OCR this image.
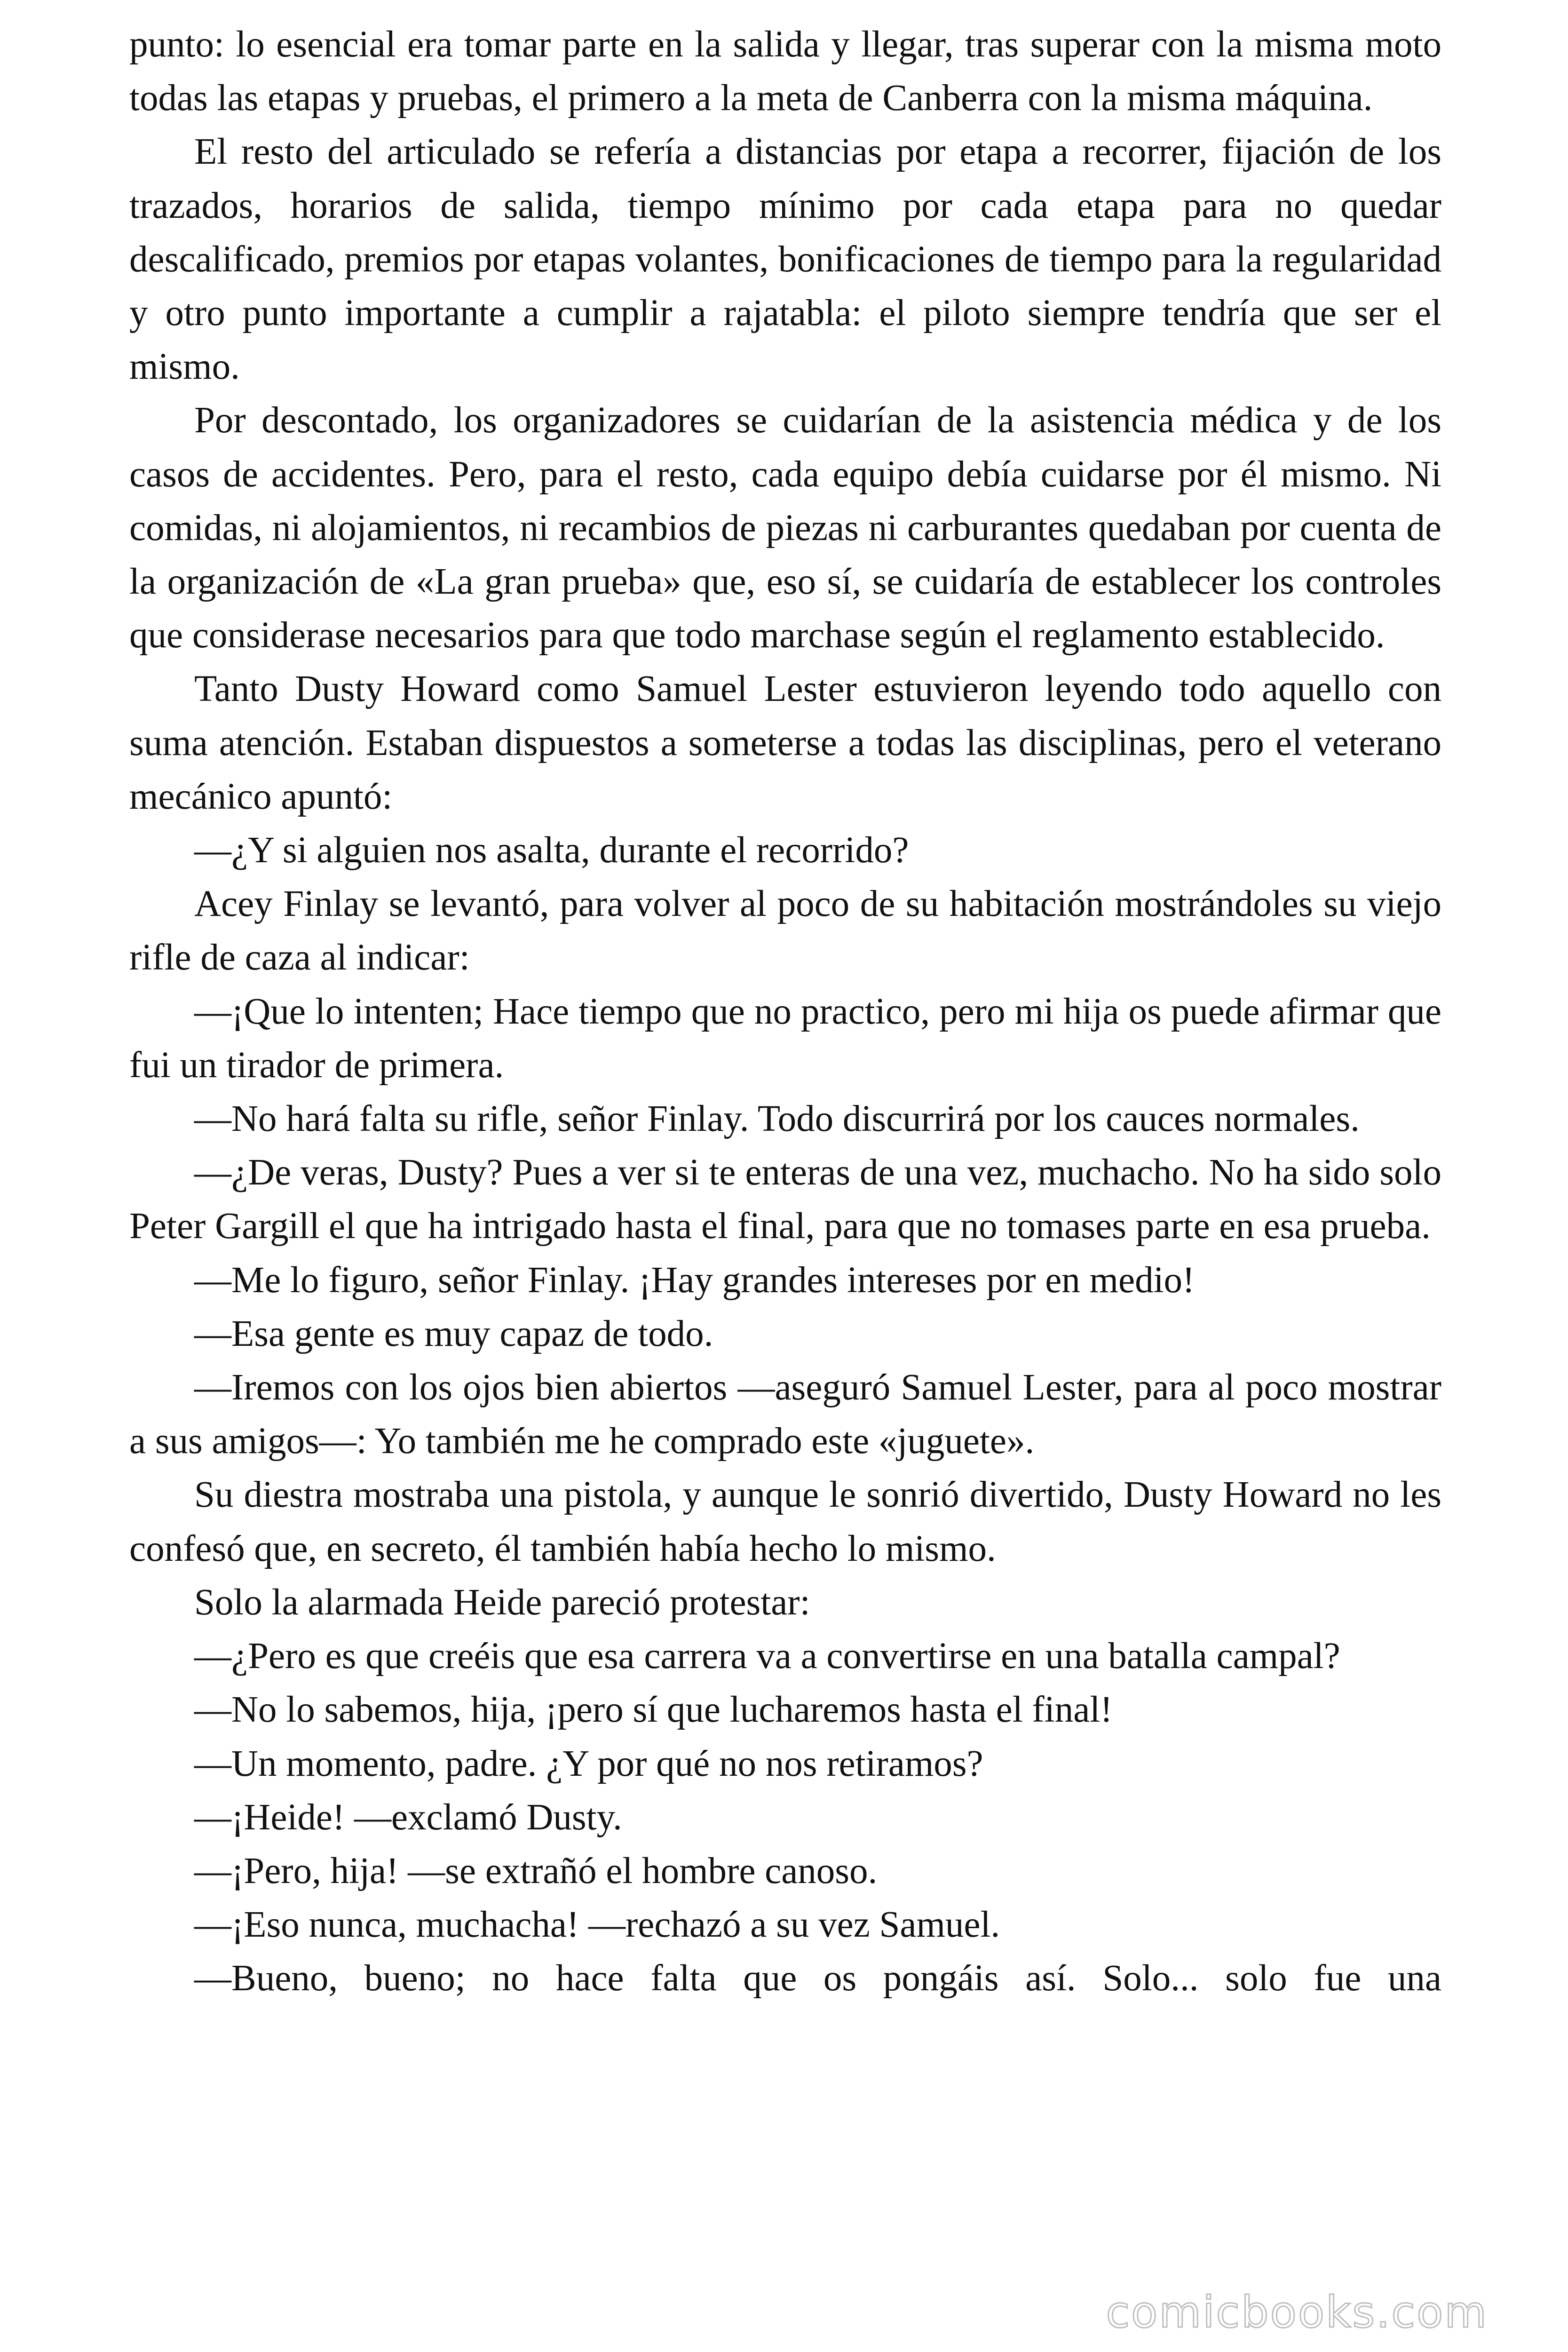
punto: lo esencial era tomar parte en la salida y llegar, tras superar con la misma moto todas las etapas y pruebas, el primero a la meta de Canberra con la misma máquina.

El resto del articulado se refería a distancias por etapa a recorrer, fijación de los trazados, horarios de salida, tiempo mínimo por cada etapa para no quedar descalificado, premios por etapas volantes, bonificaciones de tiempo para la regularidad y otro punto importante a cumplir a rajatabla: el piloto siempre tendría que ser el mismo.

Por descontado, los organizadores se cuidarían de la asistencia médica y de los casos de accidentes. Pero, para el resto, cada equipo debía cuidarse por él mismo. Ni comidas, ni alojamientos, ni recambios de piezas ni carburantes quedaban por cuenta de la organización de «La gran prueba» que, eso sí, se cuidaría de establecer los controles que considerase necesarios para que todo marchase según el reglamento establecido.

Tanto Dusty Howard como Samuel Lester estuvieron leyendo todo aquello con suma atención. Estaban dispuestos a someterse a todas las disciplinas, pero el veterano mecánico apuntó:

—¿Y si alguien nos asalta, durante el recorrido?

Acey Finlay se levantó, para volver al poco de su habitación mostrándoles su viejo rifle de caza al indicar:

—¡Que lo intenten; Hace tiempo que no practico, pero mi hija os puede afirmar que fui un tirador de primera.

—No hará falta su rifle, señor Finlay. Todo discurrirá por los cauces normales.

—¿De veras, Dusty? Pues a ver si te enteras de una vez, muchacho. No ha sido solo Peter Gargill el que ha intrigado hasta el final, para que no tomases parte en esa prueba.

—Me lo figuro, señor Finlay. ¡Hay grandes intereses por en medio!

—Esa gente es muy capaz de todo.

—Iremos con los ojos bien abiertos —aseguró Samuel Lester, para al poco mostrar a sus amigos—: Yo también me he comprado este «juguete».

Su diestra mostraba una pistola, y aunque le sonrió divertido, Dusty Howard no les confesó que, en secreto, él también había hecho lo mismo.

Solo la alarmada Heide pareció protestar:

—¿Pero es que creéis que esa carrera va a convertirse en una batalla campal?

—No lo sabemos, hija, ¡pero sí que lucharemos hasta el final!

—Un momento, padre. ¿Y por qué no nos retiramos?

—¡Heide! —exclamó Dusty.

—¡Pero, hija! —se extrañó el hombre canoso.

—¡Eso nunca, muchacha! —rechazó a su vez Samuel.

—Bueno, bueno; no hace falta que os pongáis así. Solo... solo fue una

comicbooks.com
